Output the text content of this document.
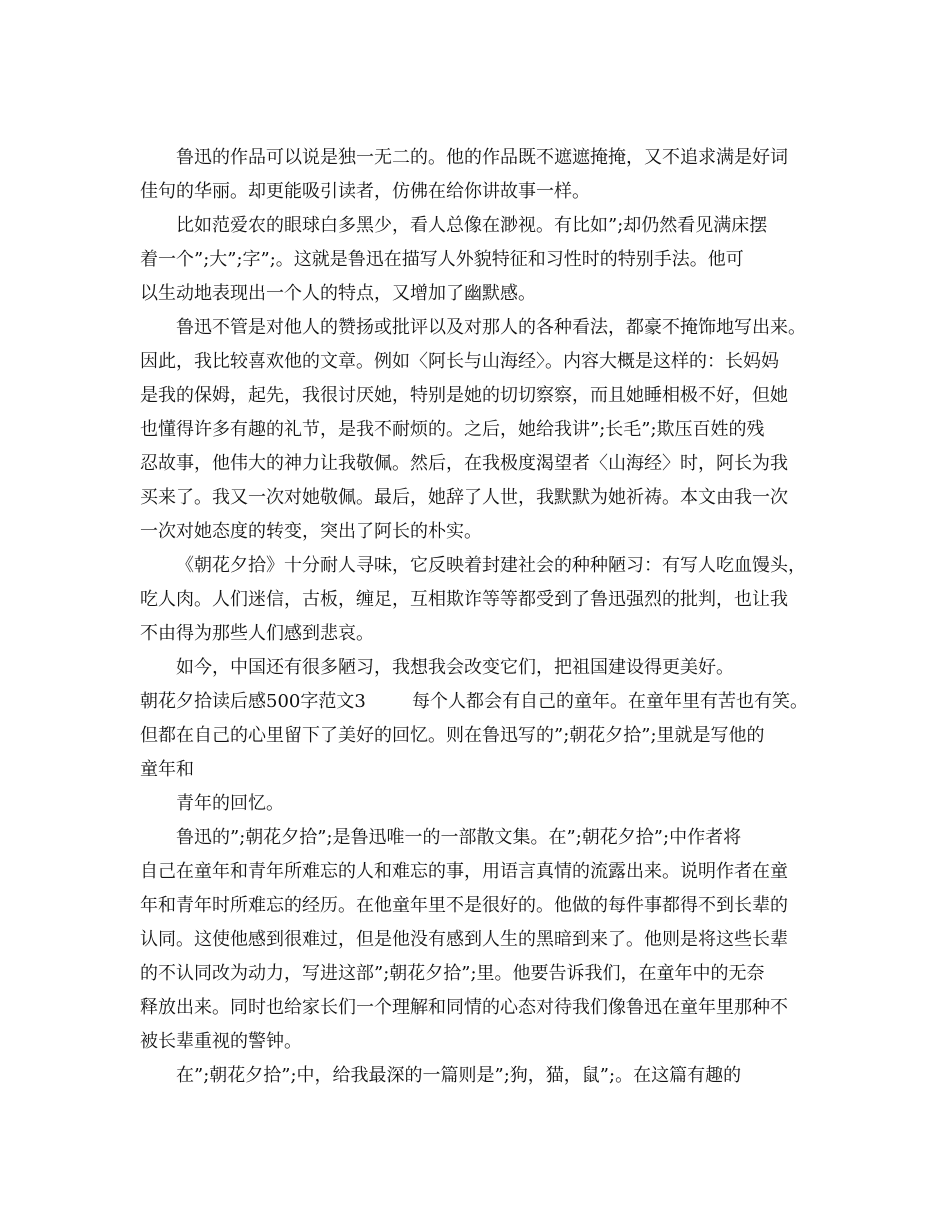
鲁迅的作品可以说是独一无二的。他的作品既不遮遮掩掩，又不追求满是好词
佳句的华丽。却更能吸引读者，仿佛在给你讲故事一样。
比如范爱农的眼球白多黑少，看人总像在渺视。有比如”;却仍然看见满床摆
着一个”;大”;字”;。这就是鲁迅在描写人外貌特征和习性时的特别手法。他可
以生动地表现出一个人的特点，又增加了幽默感。
鲁迅不管是对他人的赞扬或批评以及对那人的各种看法，都豪不掩饰地写出来。
因此，我比较喜欢他的文章。例如〈阿长与山海经〉。内容大概是这样的：长妈妈
是我的保姆，起先，我很讨厌她，特别是她的切切察察，而且她睡相极不好，但她
也懂得许多有趣的礼节，是我不耐烦的。之后，她给我讲”;长毛”;欺压百姓的残
忍故事，他伟大的神力让我敬佩。然后，在我极度渴望者〈山海经〉时，阿长为我
买来了。我又一次对她敬佩。最后，她辞了人世，我默默为她祈祷。本文由我一次
一次对她态度的转变，突出了阿长的朴实。
《朝花夕拾》十分耐人寻味，它反映着封建社会的种种陋习：有写人吃血馒头，
吃人肉。人们迷信，古板，缠足，互相欺诈等等都受到了鲁迅强烈的批判，也让我
不由得为那些人们感到悲哀。
如今，中国还有很多陋习，我想我会改变它们，把祖国建设得更美好。
朝花夕拾读后感500字范文3	每个人都会有自己的童年。在童年里有苦也有笑。
但都在自己的心里留下了美好的回忆。则在鲁迅写的”;朝花夕拾”;里就是写他的
童年和
青年的回忆。
鲁迅的”;朝花夕拾”;是鲁迅唯一的一部散文集。在”;朝花夕拾”;中作者将
自己在童年和青年所难忘的人和难忘的事，用语言真情的流露出来。说明作者在童
年和青年时所难忘的经历。在他童年里不是很好的。他做的每件事都得不到长辈的
认同。这使他感到很难过，但是他没有感到人生的黑暗到来了。他则是将这些长辈
的不认同改为动力，写进这部”;朝花夕拾”;里。他要告诉我们，在童年中的无奈
释放出来。同时也给家长们一个理解和同情的心态对待我们像鲁迅在童年里那种不
被长辈重视的警钟。
在”;朝花夕拾”;中，给我最深的一篇则是”;狗，猫，鼠”;。在这篇有趣的
